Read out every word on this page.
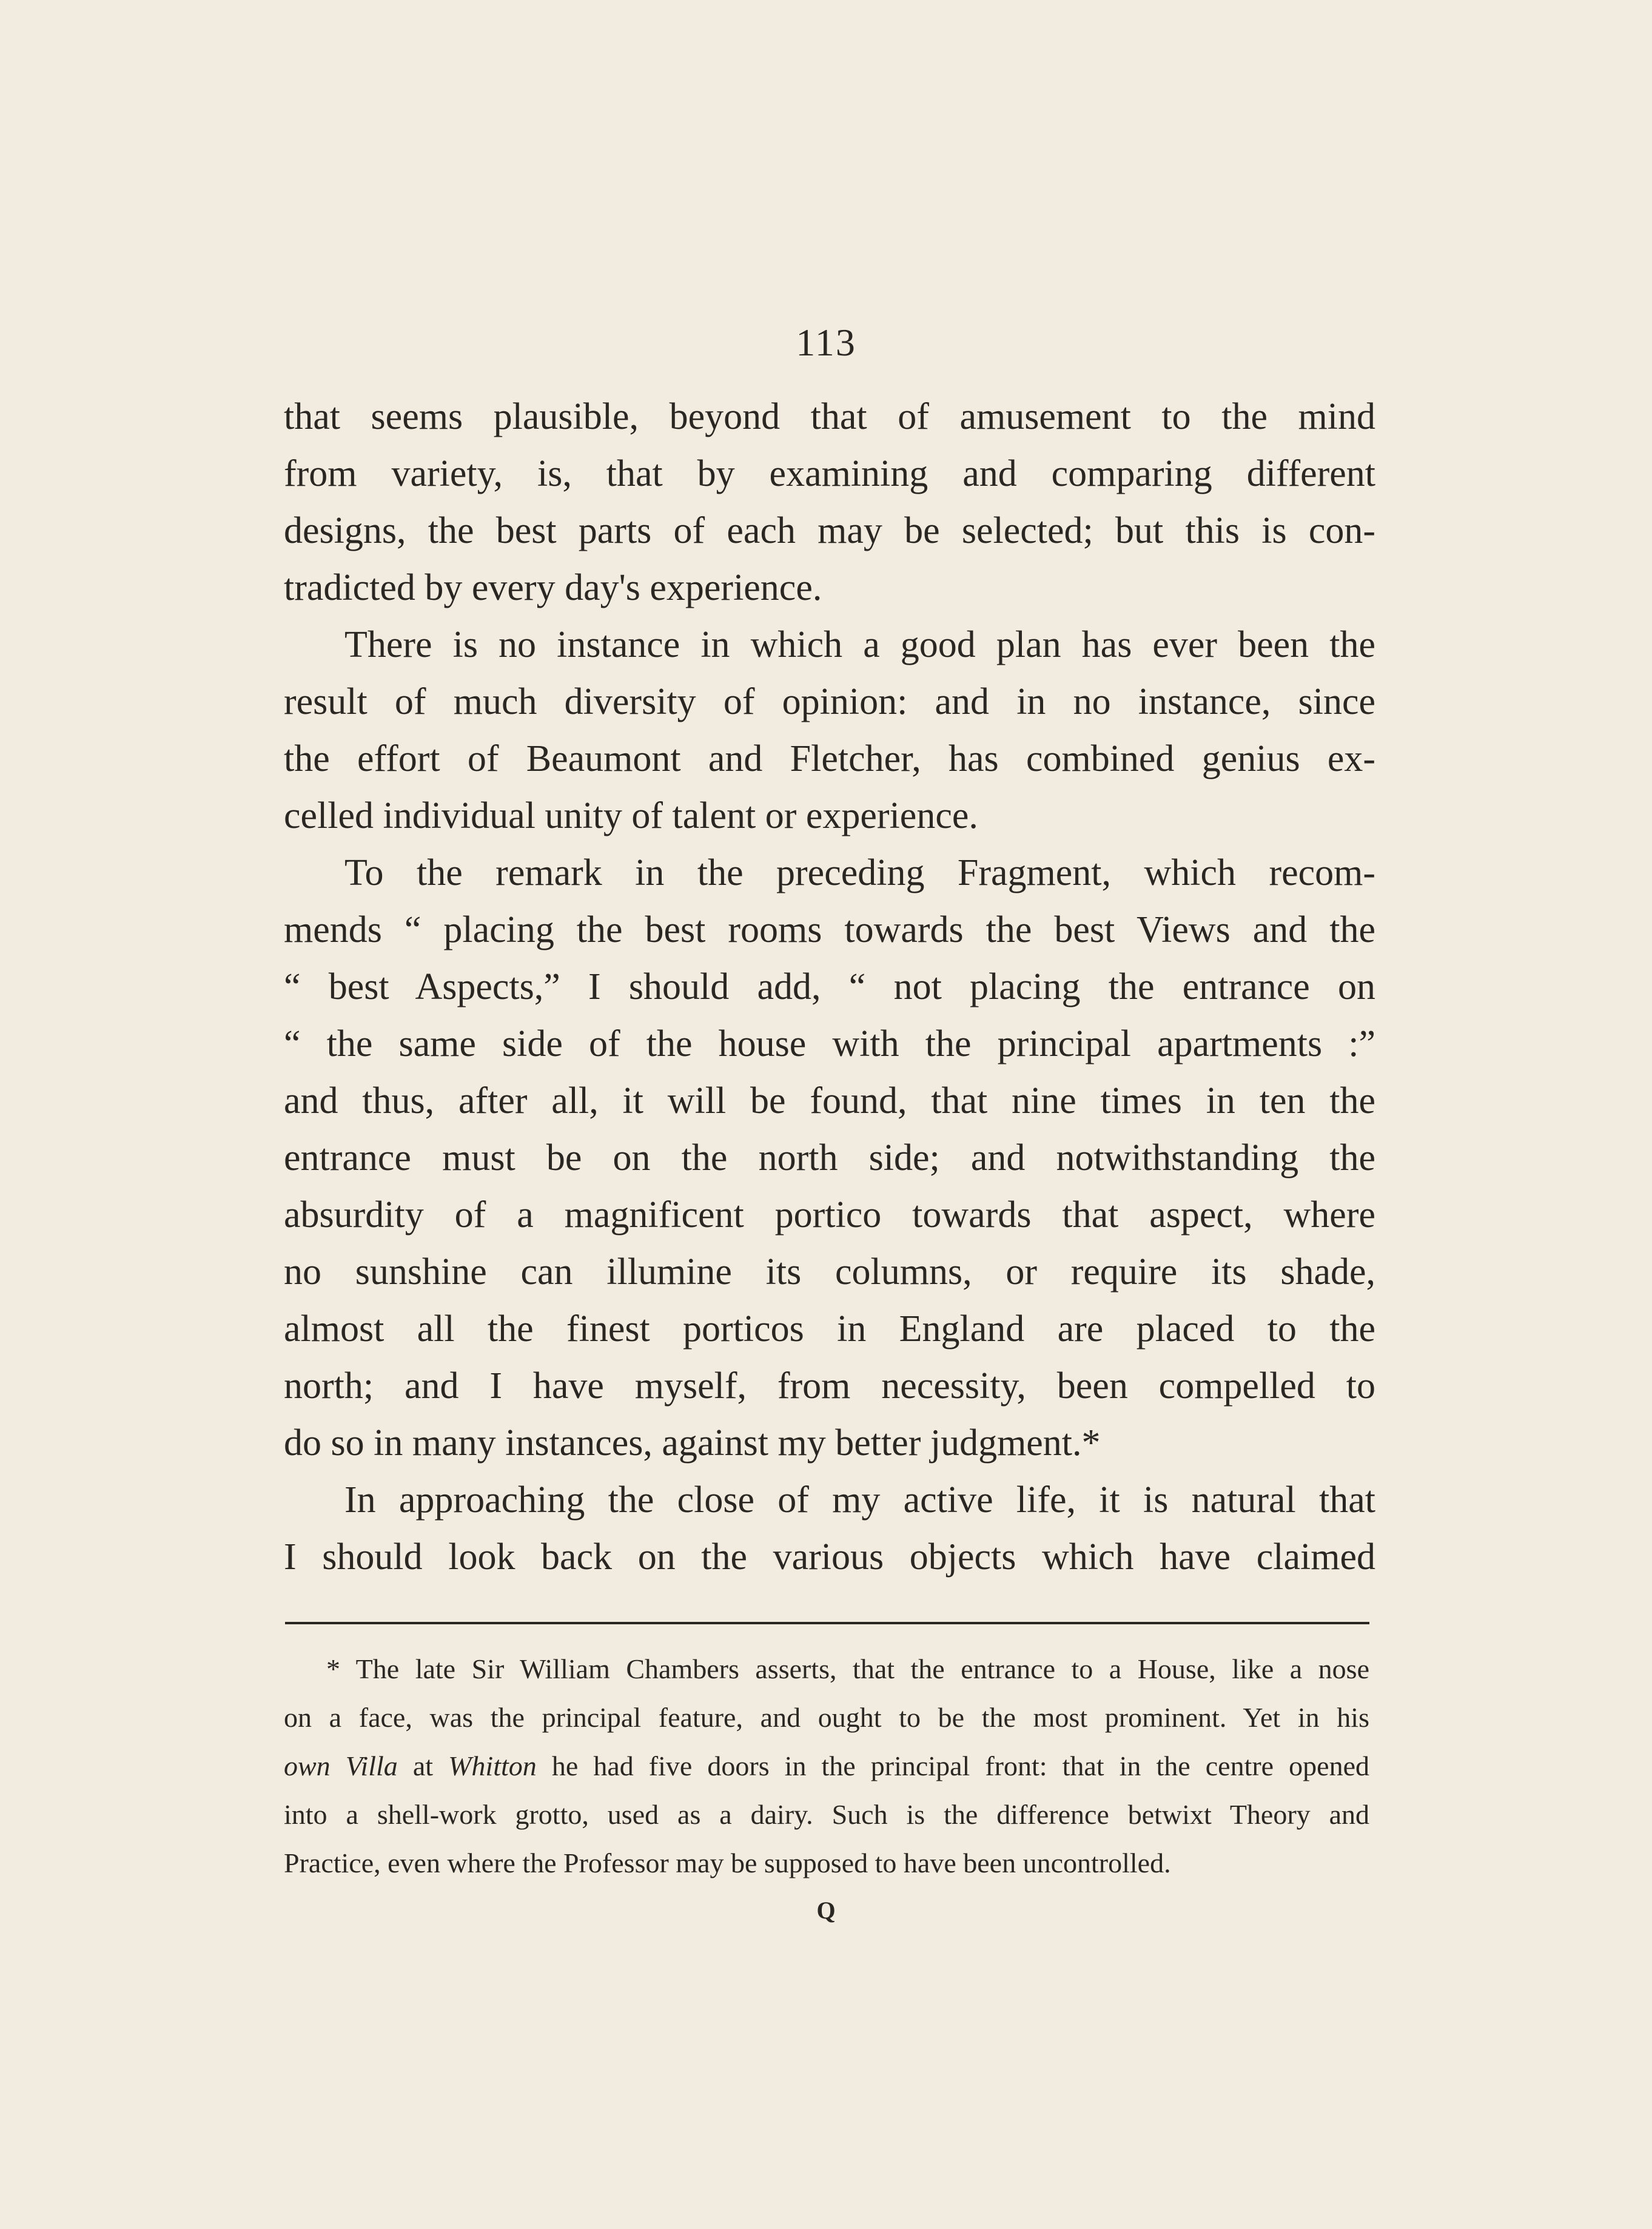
113
that seems plausible, beyond that of amusement to the mind
from variety, is, that by examining and comparing different
designs, the best parts of each may be selected; but this is con-
tradicted by every day's experience.
There is no instance in which a good plan has ever been the
result of much diversity of opinion: and in no instance, since
the effort of Beaumont and Fletcher, has combined genius ex-
celled individual unity of talent or experience.
To the remark in the preceding Fragment, which recom-
mends “ placing the best rooms towards the best Views and the
“ best Aspects,” I should add, “ not placing the entrance on
“ the same side of the house with the principal apartments :”
and thus, after all, it will be found, that nine times in ten the
entrance must be on the north side; and notwithstanding the
absurdity of a magnificent portico towards that aspect, where
no sunshine can illumine its columns, or require its shade,
almost all the finest porticos in England are placed to the
north; and I have myself, from necessity, been compelled to
do so in many instances, against my better judgment.*
In approaching the close of my active life, it is natural that
I should look back on the various objects which have claimed
* The late Sir William Chambers asserts, that the entrance to a House, like a nose
on a face, was the principal feature, and ought to be the most prominent. Yet in his
own Villa at Whitton he had five doors in the principal front: that in the centre opened
into a shell-work grotto, used as a dairy. Such is the difference betwixt Theory and
Practice, even where the Professor may be supposed to have been uncontrolled.
Q
